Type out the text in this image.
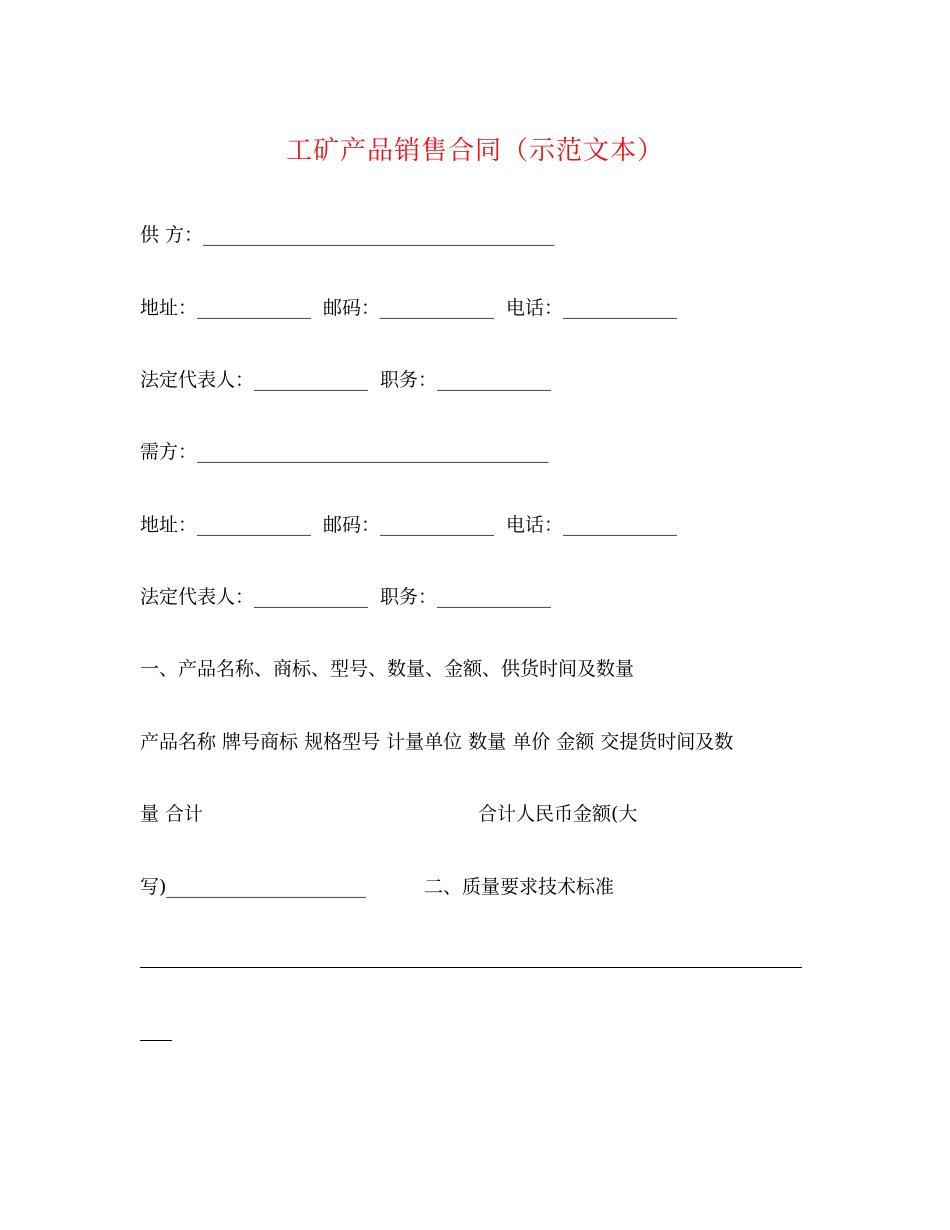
工矿产品销售合同（示范文本）
供 方：_____________________________________
地址：____________ 邮码：____________ 电话：____________
法定代表人：____________ 职务：____________
需方：_____________________________________
地址：____________ 邮码：____________ 电话：____________
法定代表人：____________ 职务：____________
一、产品名称、商标、型号、数量、金额、供货时间及数量
产品名称 牌号商标 规格型号 计量单位 数量 单价 金额 交提货时间及数
量 合计	合计人民币金额(大
写)_____________________	二、质量要求技术标准
